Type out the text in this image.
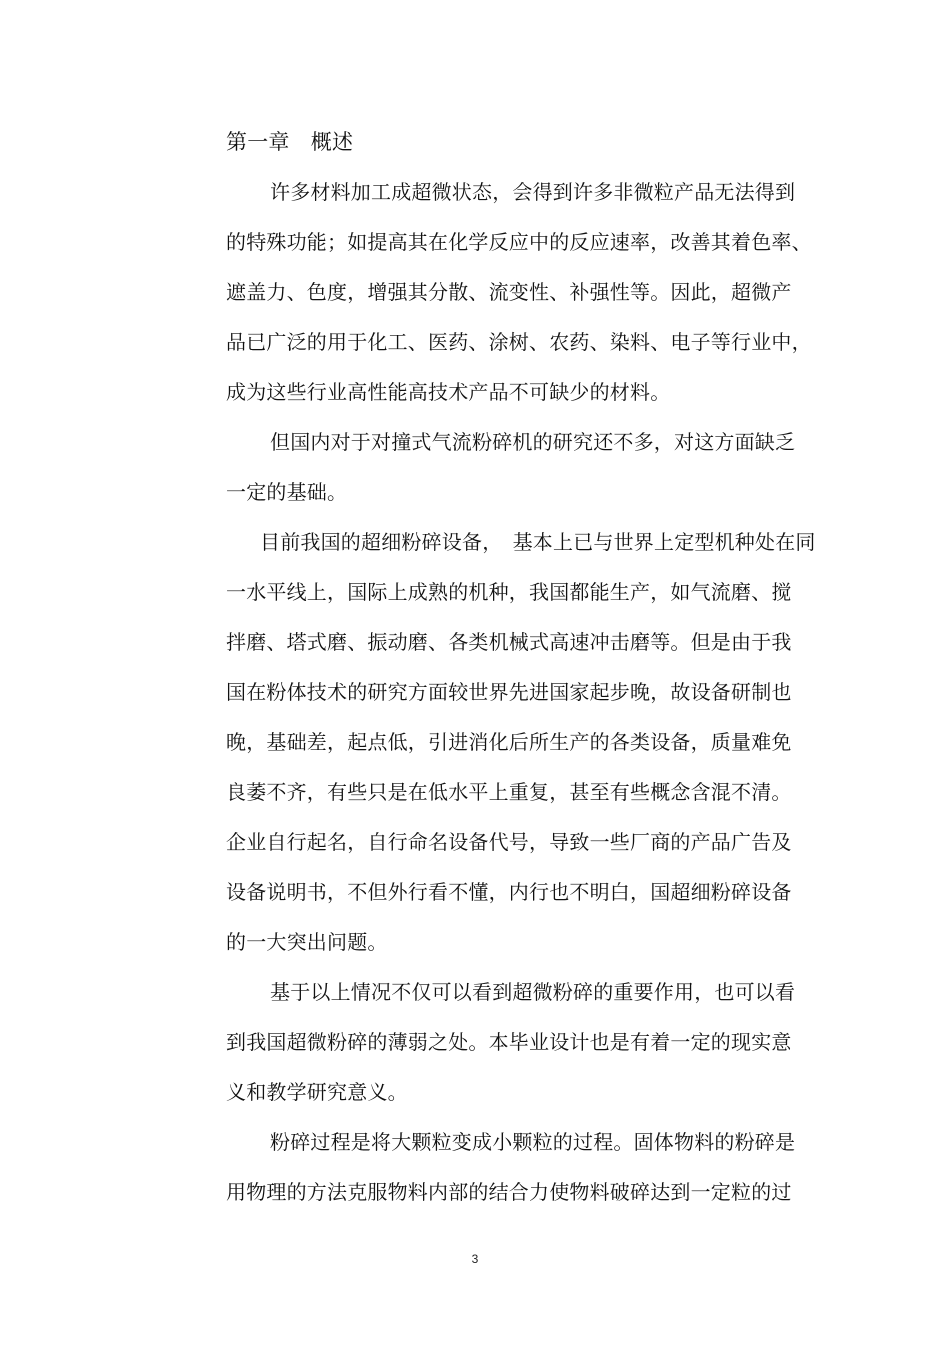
第一章　概述
许多材料加工成超微状态，会得到许多非微粒产品无法得到
的特殊功能；如提高其在化学反应中的反应速率，改善其着色率、
遮盖力、色度，增强其分散、流变性、补强性等。因此，超微产
品已广泛的用于化工、医药、涂树、农药、染料、电子等行业中，
成为这些行业高性能高技术产品不可缺少的材料。
但国内对于对撞式气流粉碎机的研究还不多，对这方面缺乏
一定的基础。
目前我国的超细粉碎设备，　基本上已与世界上定型机种处在同
一水平线上，国际上成熟的机种，我国都能生产，如气流磨、搅
拌磨、塔式磨、振动磨、各类机械式高速冲击磨等。但是由于我
国在粉体技术的研究方面较世界先进国家起步晚，故设备研制也
晚，基础差，起点低，引进消化后所生产的各类设备，质量难免
良萎不齐，有些只是在低水平上重复，甚至有些概念含混不清。
企业自行起名，自行命名设备代号，导致一些厂商的产品广告及
设备说明书，不但外行看不懂，内行也不明白，国超细粉碎设备
的一大突出问题。
基于以上情况不仅可以看到超微粉碎的重要作用，也可以看
到我国超微粉碎的薄弱之处。本毕业设计也是有着一定的现实意
义和教学研究意义。
粉碎过程是将大颗粒变成小颗粒的过程。固体物料的粉碎是
用物理的方法克服物料内部的结合力使物料破碎达到一定粒的过
3
